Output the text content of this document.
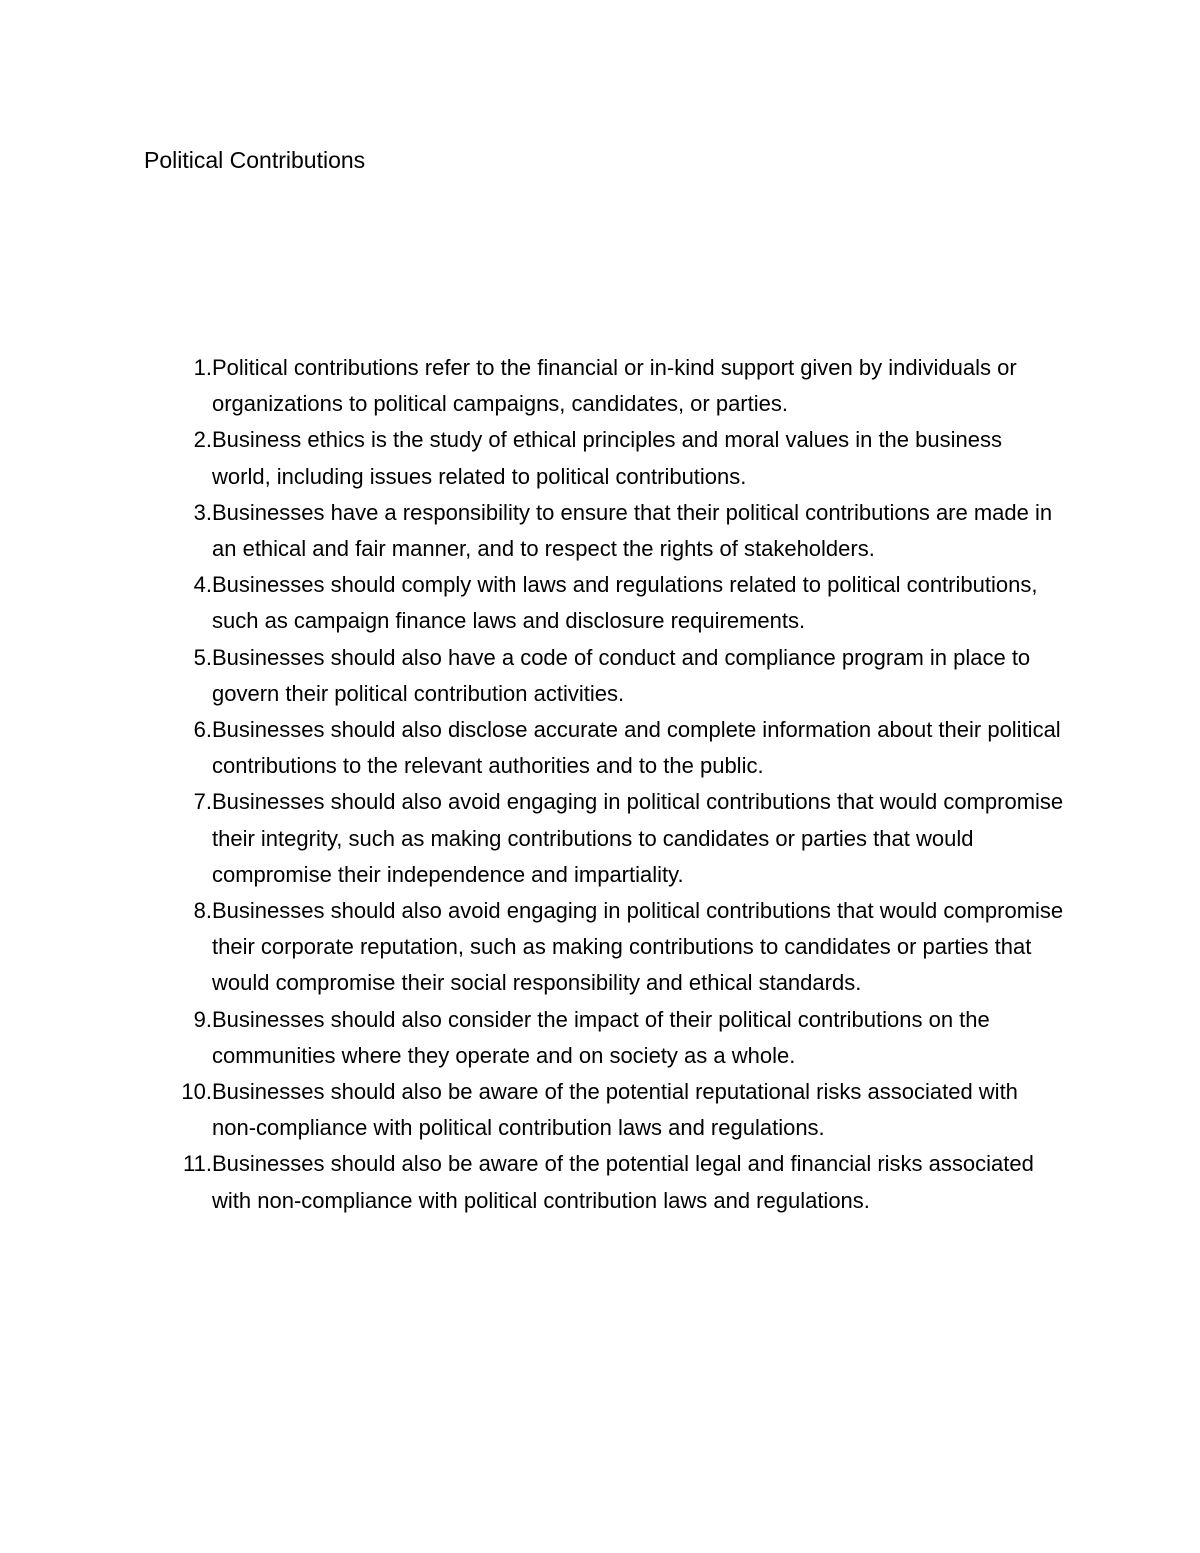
Political Contributions
1. Political contributions refer to the financial or in-kind support given by individuals or organizations to political campaigns, candidates, or parties.
2. Business ethics is the study of ethical principles and moral values in the business world, including issues related to political contributions.
3. Businesses have a responsibility to ensure that their political contributions are made in an ethical and fair manner, and to respect the rights of stakeholders.
4. Businesses should comply with laws and regulations related to political contributions, such as campaign finance laws and disclosure requirements.
5. Businesses should also have a code of conduct and compliance program in place to govern their political contribution activities.
6. Businesses should also disclose accurate and complete information about their political contributions to the relevant authorities and to the public.
7. Businesses should also avoid engaging in political contributions that would compromise their integrity, such as making contributions to candidates or parties that would compromise their independence and impartiality.
8. Businesses should also avoid engaging in political contributions that would compromise their corporate reputation, such as making contributions to candidates or parties that would compromise their social responsibility and ethical standards.
9. Businesses should also consider the impact of their political contributions on the communities where they operate and on society as a whole.
10. Businesses should also be aware of the potential reputational risks associated with non-compliance with political contribution laws and regulations.
11. Businesses should also be aware of the potential legal and financial risks associated with non-compliance with political contribution laws and regulations.
